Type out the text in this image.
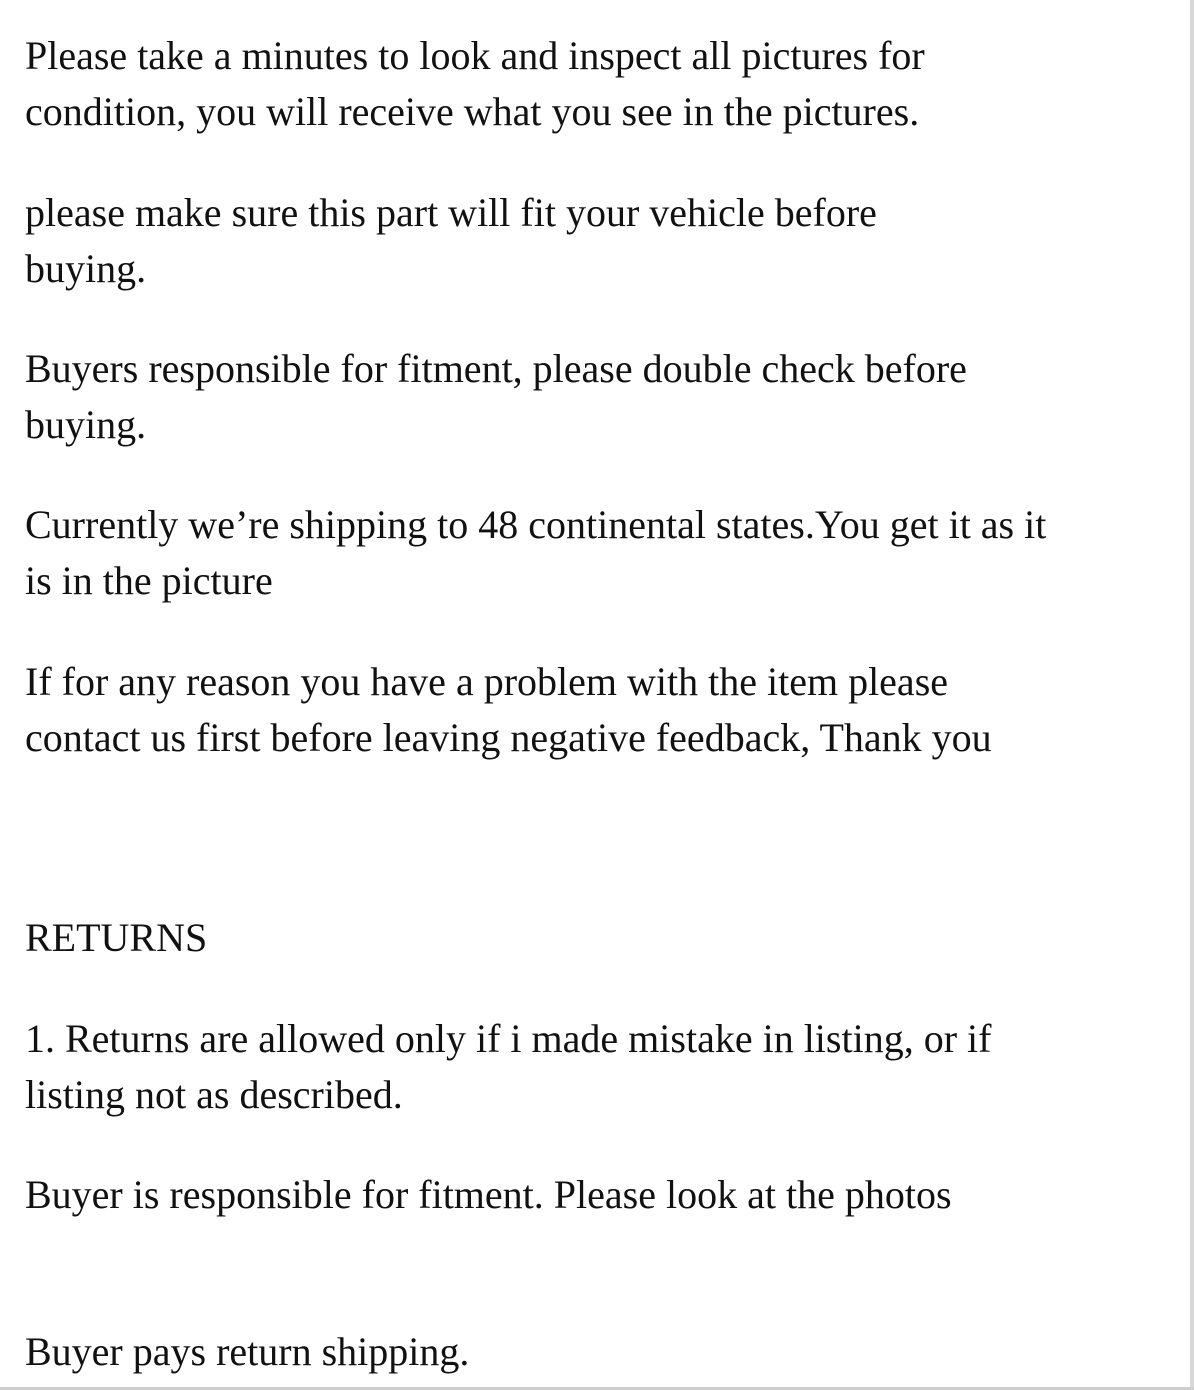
Please take a minutes to look and inspect all pictures for
condition, you will receive what you see in the pictures.

please make sure this part will fit your vehicle before
buying.

Buyers responsible for fitment, please double check before
buying.

Currently we’re shipping to 48 continental states.You get it as it
is in the picture

If for any reason you have a problem with the item please
contact us first before leaving negative feedback, Thank you

RETURNS

1. Returns are allowed only if i made mistake in listing, or if
listing not as described.

Buyer is responsible for fitment. Please look at the photos

Buyer pays return shipping.
